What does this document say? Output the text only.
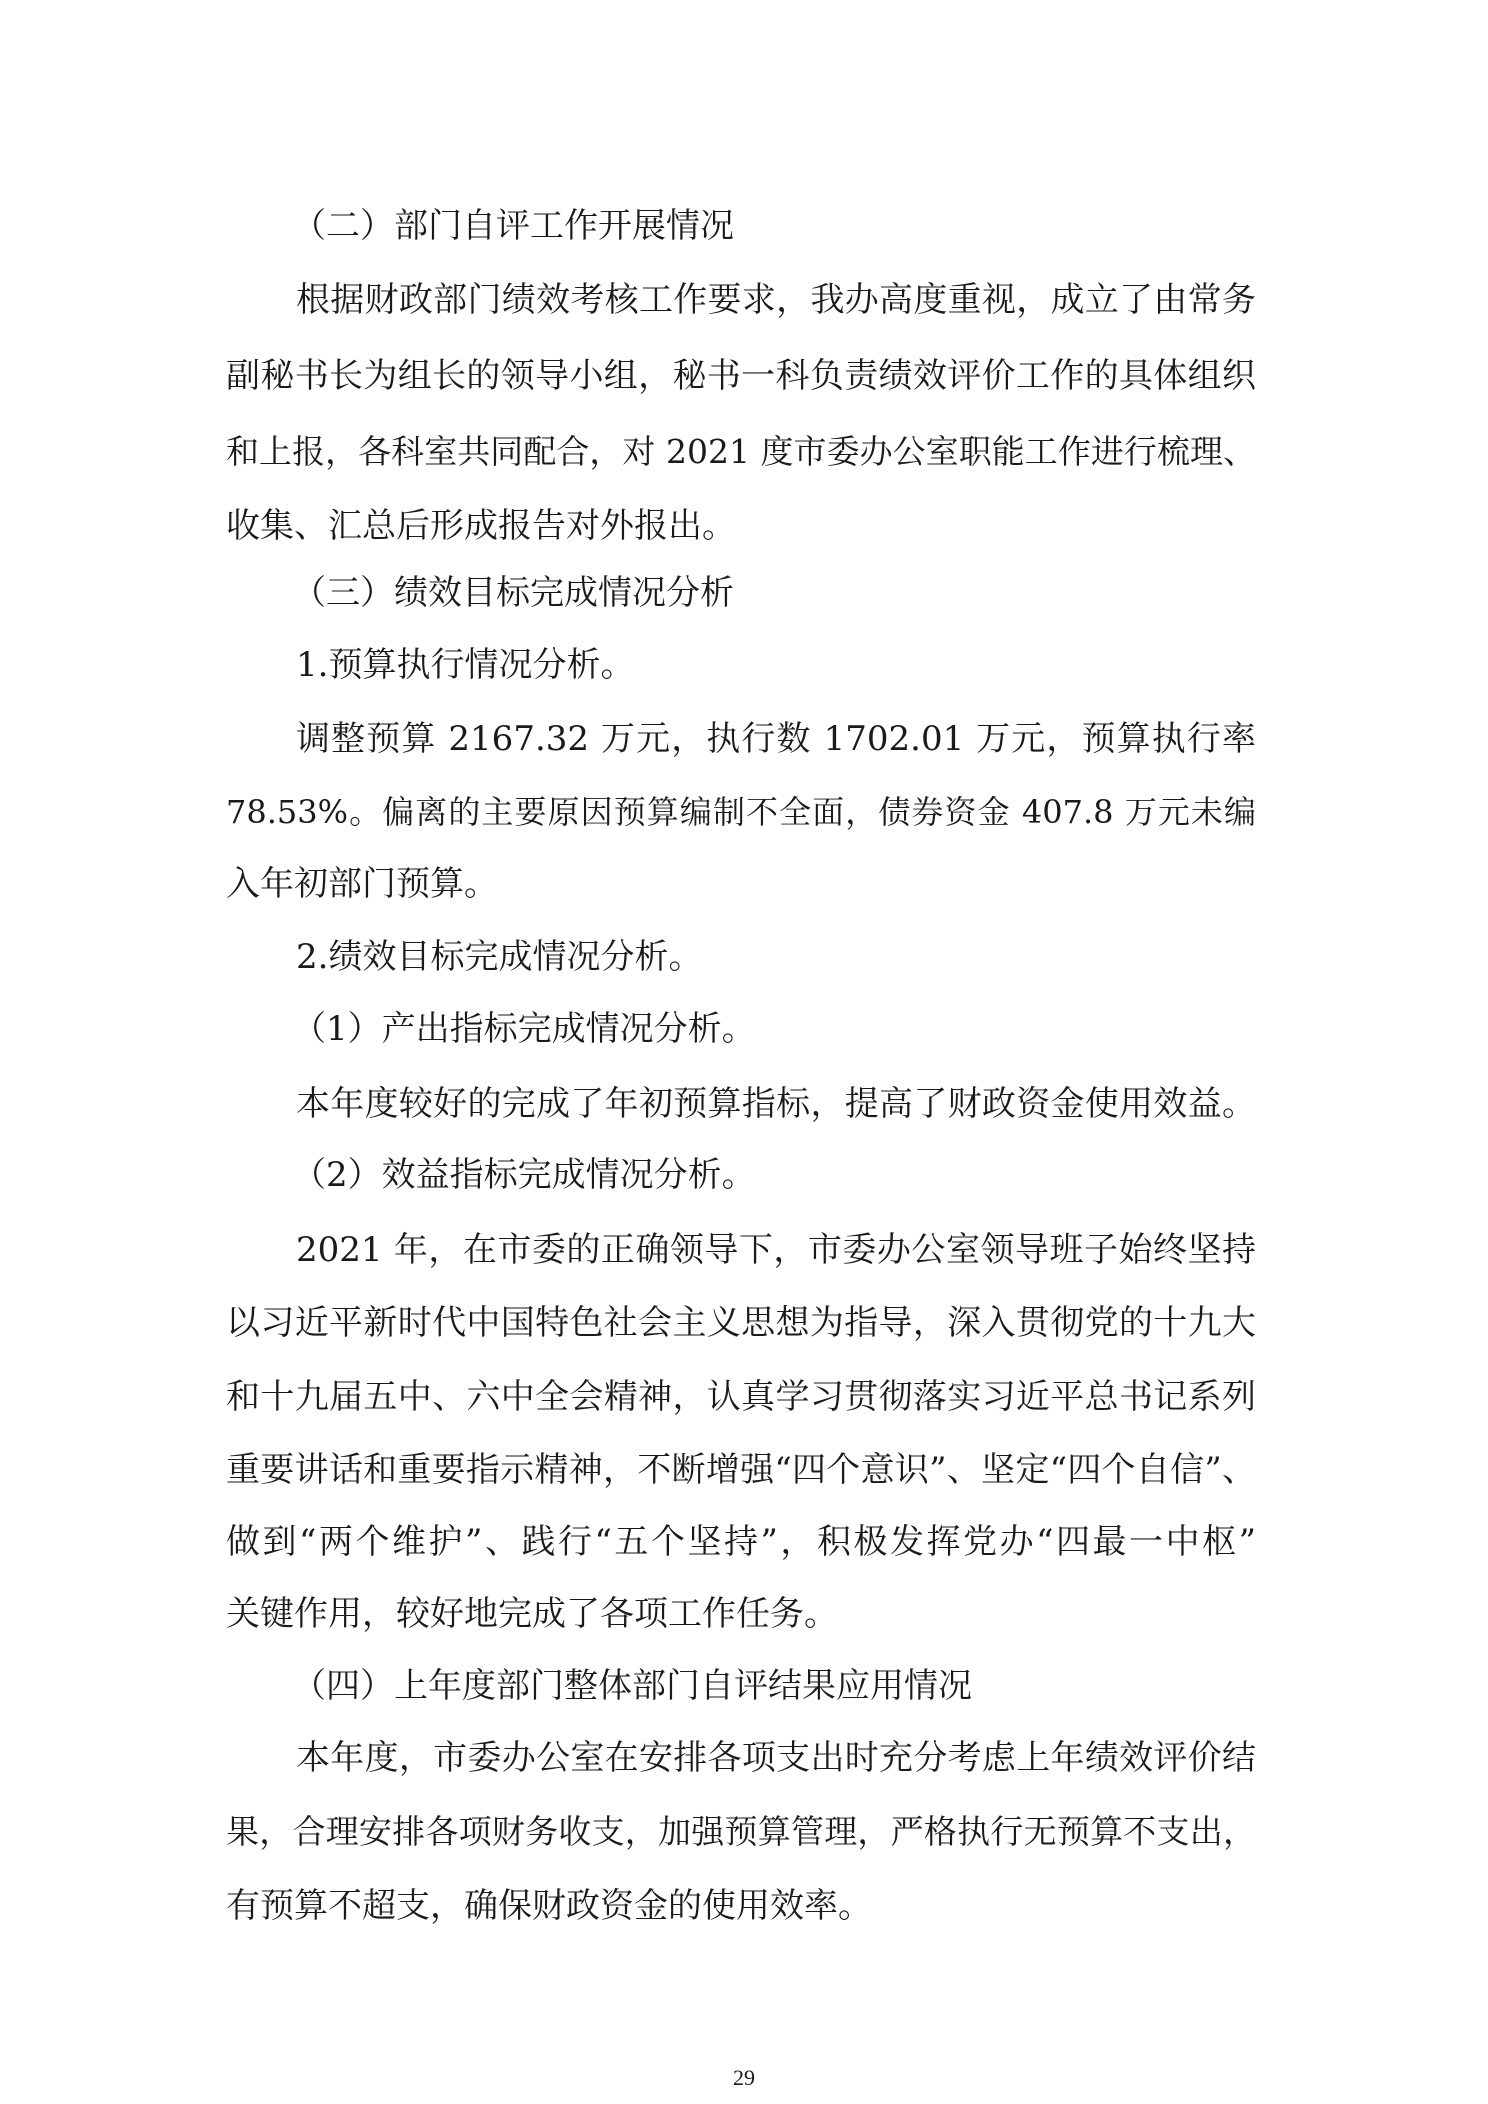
（二）部门自评工作开展情况

根据财政部门绩效考核工作要求，我办高度重视，成立了由常务

副秘书长为组长的领导小组，秘书一科负责绩效评价工作的具体组织

和上报，各科室共同配合，对 2021 度市委办公室职能工作进行梳理、

收集、汇总后形成报告对外报出。

（三）绩效目标完成情况分析

1.预算执行情况分析。

调整预算 2167.32 万元，执行数 1702.01 万元，预算执行率

78.53%。偏离的主要原因预算编制不全面，债券资金 407.8 万元未编

入年初部门预算。

2.绩效目标完成情况分析。

（1）产出指标完成情况分析。

本年度较好的完成了年初预算指标，提高了财政资金使用效益。

（2）效益指标完成情况分析。

2021 年，在市委的正确领导下，市委办公室领导班子始终坚持

以习近平新时代中国特色社会主义思想为指导，深入贯彻党的十九大

和十九届五中、六中全会精神，认真学习贯彻落实习近平总书记系列

重要讲话和重要指示精神，不断增强“四个意识”、坚定“四个自信”、

做到“两个维护”、践行“五个坚持”，积极发挥党办“四最一中枢”

关键作用，较好地完成了各项工作任务。

（四）上年度部门整体部门自评结果应用情况

本年度，市委办公室在安排各项支出时充分考虑上年绩效评价结

果，合理安排各项财务收支，加强预算管理，严格执行无预算不支出，

有预算不超支，确保财政资金的使用效率。

29
